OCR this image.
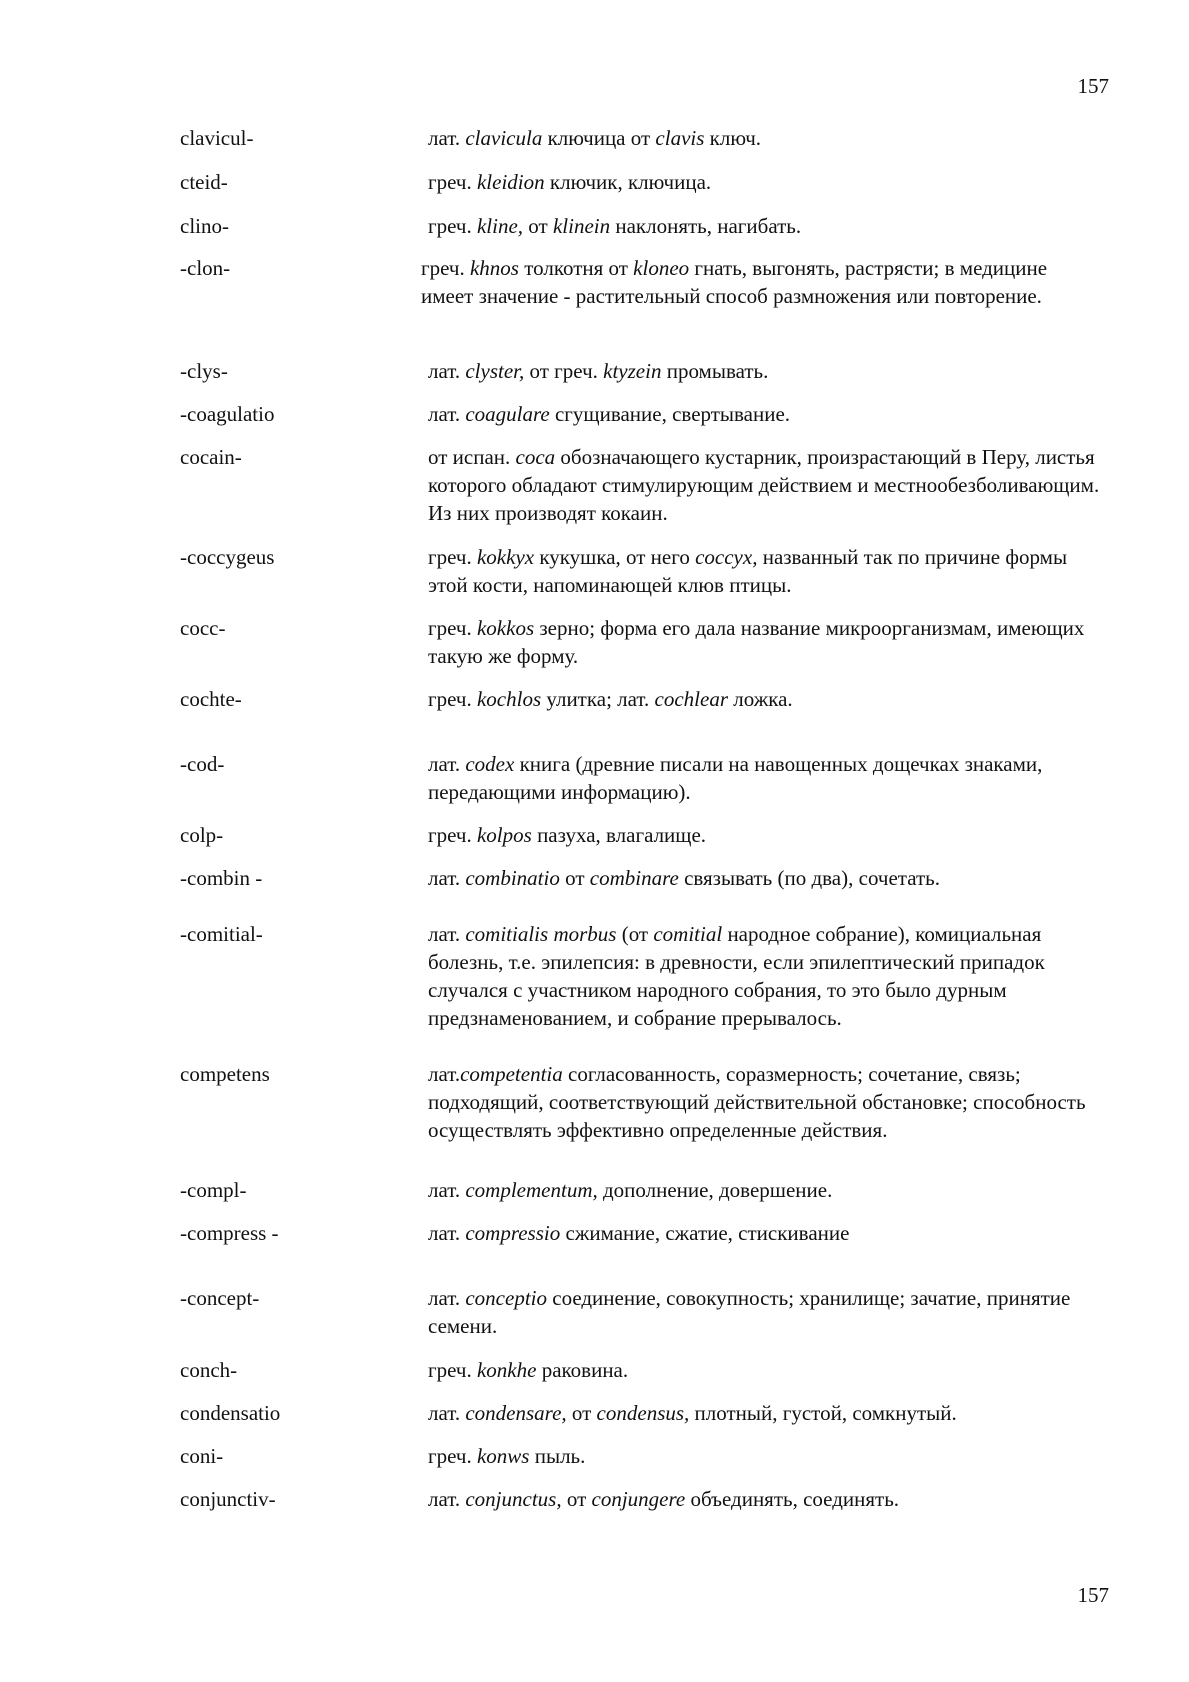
157
clavicul-	лат. clavicula ключица от clavis ключ.
cteid-	греч. kleidion ключик, ключица.
clino-	греч. kline, от klinein наклонять, нагибать.
-clon-	греч. khnos толкотня от kloneo гнать, выгонять, растрясти; в медицине имеет значение - растительный способ размножения или повторение.
-clys-	лат. clyster, от греч. ktyzein промывать.
-coagulatio	лат. coagulare сгущивание, свертывание.
cocain-	от испан. coca обозначающего кустарник, произрастающий в Перу, листья которого обладают стимулирующим действием и местнообезболивающим. Из них производят кокаин.
-coccygeus	греч. kokkyx кукушка, от него coccyx, названный так по причине формы этой кости, напоминающей клюв птицы.
cocc-	греч. kokkos зерно; форма его дала название микроорганизмам, имеющих такую же форму.
cochte-	греч. kochlos улитка; лат. cochlear ложка.
-cod-	лат. codex книга (древние писали на навощенных дощечках знаками, передающими информацию).
colp-	греч. kolpos пазуха, влагалище.
-combin -	лат. combinatio от combinare связывать (по два), сочетать.
-comitial-	лат. comitialis morbus (от comitial народное собрание), комициальная болезнь, т.е. эпилепсия: в древности, если эпилептический припадок случался с участником народного собрания, то это было дурным предзнаменованием, и собрание прерывалось.
competens	лат.competentia согласованность, соразмерность; сочетание, связь; подходящий, соответствующий действительной обстановке; способность осуществлять эффективно определенные действия.
-compl-	лат. complementum, дополнение, довершение.
-compress -	лат. compressio сжимание, сжатие, стискивание
-concept-	лат. conceptio соединение, совокупность; хранилище; зачатие, принятие семени.
conch-	греч. konkhe раковина.
condensatio	лат. condensare, от condensus, плотный, густой, сомкнутый.
coni-	греч. konws пыль.
conjunctiv-	лат. conjunctus, от conjungere объединять, соединять.
157
